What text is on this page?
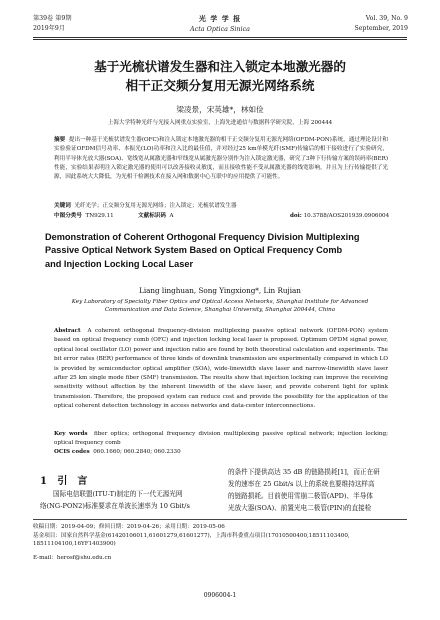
第39卷 第9期
2019年9月
光 学 学 报
Acta Optica Sinica
Vol. 39, No. 9
September, 2019
基于光梳状谱发生器和注入锁定本地激光器的
相干正交频分复用无源光网络系统
梁凌景，宋英雄*，林如俭
上海大学特种光纤与光接入网重点实验室，上海先进通信与数据科学研究院，上海 200444
摘要 提出一种基于光梳状谱发生器(OFC)和注入锁定本地激光器的相干正交频分复用无源光网络(OFDM-PON)系统，通过理论设计和实验验证OFDM信号功率、本振光(LO)功率和注入比的最佳值，并对经过25 km单模光纤(SMF)传输后的相干接收进行了实验研究，利用半导体光放大器(SOA)、宽线宽从属激光器和窄线宽从属激光器分别作为注入锁定激光器，研究了3种下行传输方案的误码率(BER)性能，实验结果表明注入锁定激光器的使用可以改善接收灵敏度，而且接收性能不受从属激光器的线宽影响，并且为上行传输提供了光源，因此系统大大降低，为光相干检测技术在接入网和数据中心互联中的应用提供了可能性。
关键词 光纤光学；正交频分复用无源光网络；注入锁定；光梳状谱发生器
中图分类号 TN929.11	文献标识码 A	doi: 10.3788/AOS201939.0906004
Demonstration of Coherent Orthogonal Frequency Division Multiplexing
Passive Optical Network System Based on Optical Frequency Comb
and Injection Locking Local Laser
Liang linghuan, Song Yingxiong*, Lin Rujian
Key Laboratory of Specialty Fiber Optics and Optical Access Networks, Shanghai Institute for Advanced
Communication and Data Science, Shanghai University, Shanghai 200444, China
Abstract A coherent orthogonal frequency-division multiplexing passive optical network (OFDM-PON) system based on optical frequency comb (OFC) and injection locking local laser is proposed. Optimum OFDM signal power, optical local oscillator (LO) power and injection ratio are found by both theoretical calculation and experiments. The bit error rates (BER) performance of three kinds of downlink transmission are experimentally compared in which LO is provided by semiconductor optical amplifier (SOA), wide-linewidth slave laser and narrow-linewidth slave laser after 25 km single mode fiber (SMF) transmission. The results show that injection locking can improve the receiving sensitivity without affection by the inherent linewidth of the slave laser, and provide coherent light for uplink transmission. Therefore, the proposed system can reduce cost and provide the possibility for the application of the optical coherent detection technology in access networks and data-center interconnections.
Key words fiber optics; orthogonal frequency division multiplexing passive optical network; injection locking; optical frequency comb
OCIS codes 060.1660; 060.2840; 060.2330
1 引　言
国际电信联盟(ITU-T)制定的下一代无源光网
络(NG-PON2)标准要求在单波长速率为 10 Gbit/s
的条件下提供高达 35 dB 的链路损耗[1]，而正在研
发的速率在 25 Gbit/s 以上的系统也要维持这样高
的链路损耗。目前使用雪崩二极管(APD)、半导体
光放大器(SOA)、前置光电二极管(PIN)的直接检
收稿日期：2019-04-09；修回日期：2019-04-26；录用日期：2019-05-06
基金项目：国家自然科学基金(61420106011,61601279,61601277)，上海市科委重点项目(17010500400,18511103400,
18511104100,16YF1403900)
E-mail：herosf@shu.edu.cn
0906004-1
